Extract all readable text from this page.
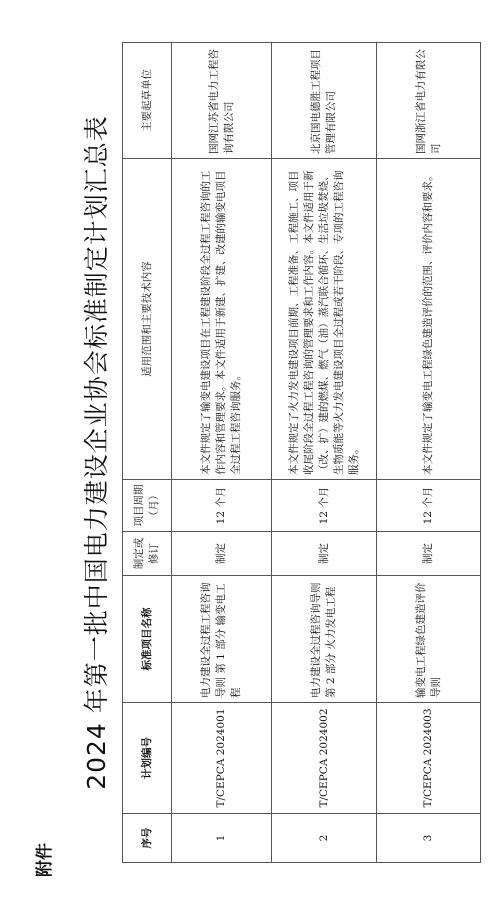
附件
2024 年第一批中国电力建设企业协会标准制定计划汇总表
序号	计划编号	标准项目名称	制定或修订	项目周期（月）	适用范围和主要技术内容	主要起草单位
1	T/CEPCA 2024001	电力建设全过程工程咨询导则 第 1 部分 输变电工程	制定	12 个月	本文件规定了输变电建设项目在工程建设阶段全过程工程咨询的工作内容和管理要求。本文件适用于新建、扩建、改建的输变电项目全过程工程咨询服务。	国网江苏省电力工程咨询有限公司
2	T/CEPCA 2024002	电力建设全过程咨询导则 第 2 部分 火力发电工程	制定	12 个月	本文件规定了火力发电建设项目前期、工程准备、工程施工、项目收尾阶段全过程工程咨询的管理要求和工作内容。本文件适用于新（改、扩）建的燃煤、燃气（油）蒸汽联合循环、生活垃圾焚烧、生物质能等火力发电建设项目全过程或若干阶段、专项的工程咨询服务。	北京国电德胜工程项目管理有限公司
3	T/CEPCA 2024003	输变电工程绿色建造评价导则	制定	12 个月	本文件规定了输变电工程绿色建造评价的范围、评价内容和要求。	国网浙江省电力有限公司
